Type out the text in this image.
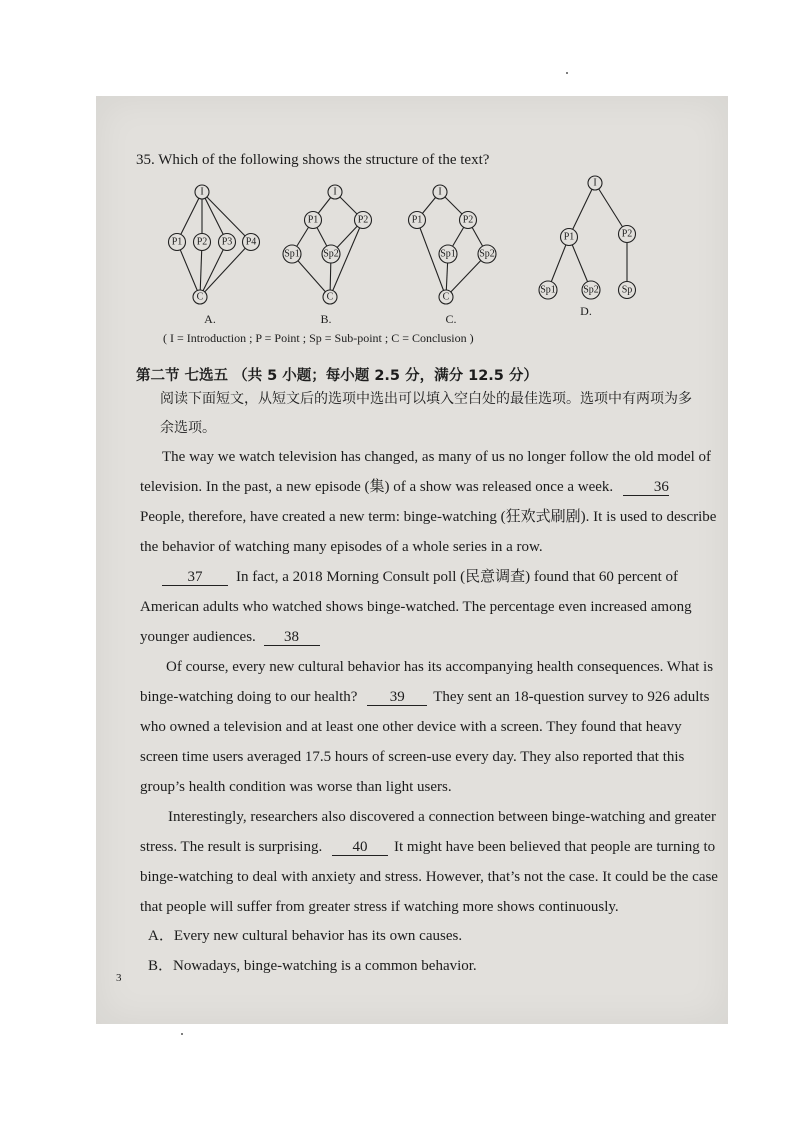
35. Which of the following shows the structure of the text?
I
P1 P2 P3 P4
C
A.
I
P1	P2
Sp1 Sp2
C
B.
I
P1	P2
Sp1 Sp2
C
C.
I
P1	P2
Sp1	Sp2 Sp
D.
( I = Introduction ; P = Point ; Sp = Sub-point ; C = Conclusion )
第二节 七选五 （共 5 小题；每小题 2.5 分，满分 12.5 分）
阅读下面短文，从短文后的选项中选出可以填入空白处的最佳选项。选项中有两项为多余选项。
The way we watch television has changed, as many of us no longer follow the old model of
television. In the past, a new episode (集) of a show was released once a week.	36
People, therefore, have created a new term: binge-watching (狂欢式刷剧). It is used to describe
the behavior of watching many episodes of a whole series in a row.
37 In fact, a 2018 Morning Consult poll (民意调查) found that 60 percent of
American adults who watched shows binge-watched. The percentage even increased among
younger audiences. 38
Of course, every new cultural behavior has its accompanying health consequences. What is
binge-watching doing to our health? 39 They sent an 18-question survey to 926 adults
who owned a television and at least one other device with a screen. They found that heavy
screen time users averaged 17.5 hours of screen-use every day. They also reported that this
group’s health condition was worse than light users.
Interestingly, researchers also discovered a connection between binge-watching and greater
stress. The result is surprising. 40 It might have been believed that people are turning to
binge-watching to deal with anxiety and stress. However, that’s not the case. It could be the case
that people will suffer from greater stress if watching more shows continuously.
A．Every new cultural behavior has its own causes.
B．Nowadays, binge-watching is a common behavior.
3
